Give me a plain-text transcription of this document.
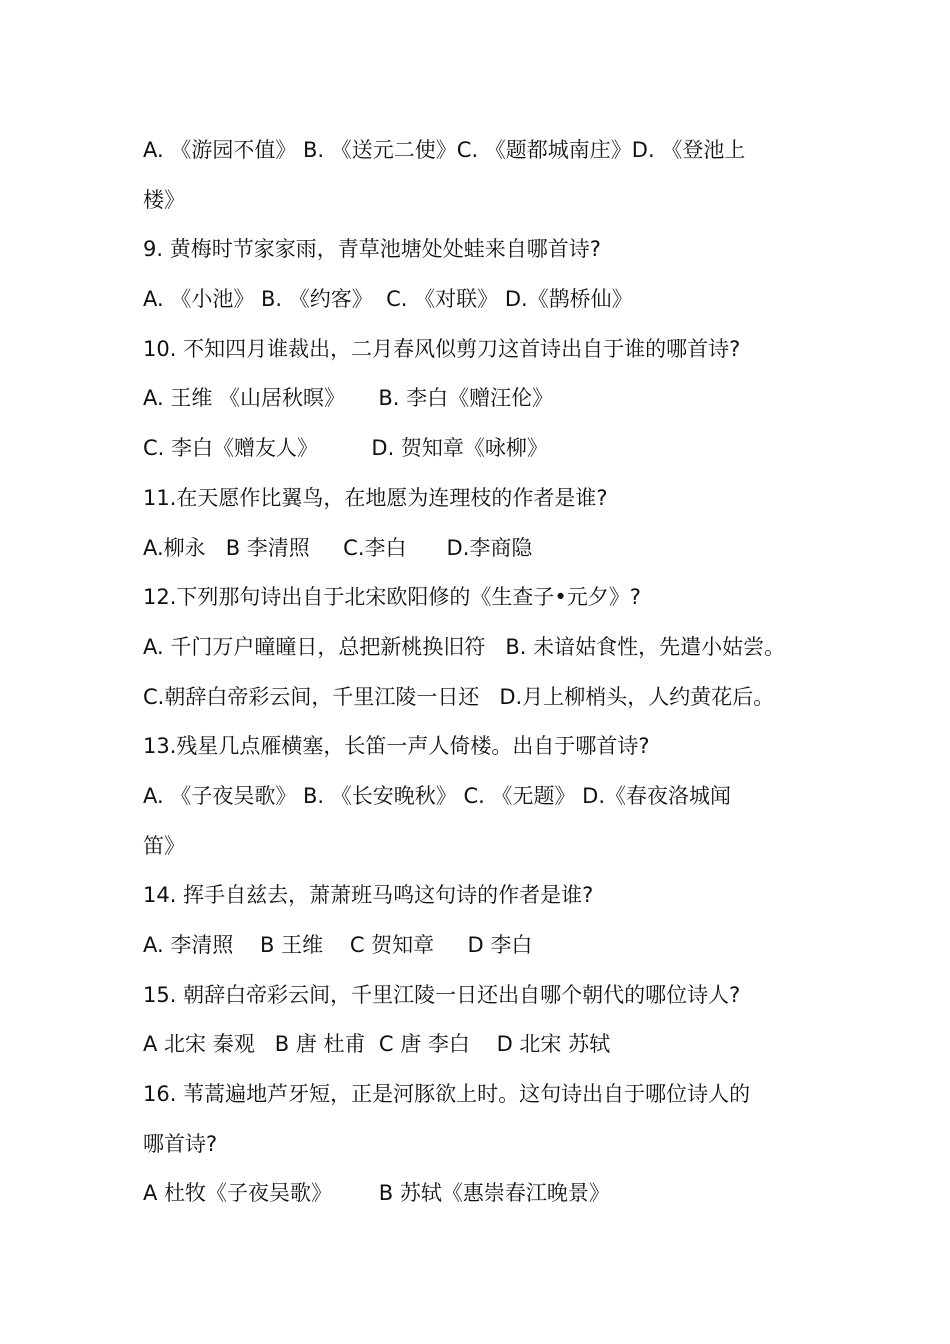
A. 《游园不值》 B. 《送元二使》C. 《题都城南庄》D. 《登池上
楼》
9. 黄梅时节家家雨，青草池塘处处蛙来自哪首诗?
A. 《小池》 B. 《约客》  C. 《对联》 D.《鹊桥仙》
10. 不知四月谁裁出，二月春风似剪刀这首诗出自于谁的哪首诗?
A. 王维 《山居秋暝》     B. 李白《赠汪伦》
C. 李白《赠友人》        D. 贺知章《咏柳》
11.在天愿作比翼鸟，在地愿为连理枝的作者是谁?
A.柳永   B 李清照     C.李白      D.李商隐
12.下列那句诗出自于北宋欧阳修的《生查子•元夕》?
A. 千门万户曈曈日，总把新桃换旧符   B. 未谙姑食性，先遣小姑尝。
C.朝辞白帝彩云间，千里江陵一日还   D.月上柳梢头，人约黄花后。
13.残星几点雁横塞，长笛一声人倚楼。出自于哪首诗?
A. 《子夜吴歌》 B. 《长安晚秋》 C. 《无题》 D.《春夜洛城闻
笛》
14. 挥手自兹去，萧萧班马鸣这句诗的作者是谁?
A. 李清照    B 王维    C 贺知章     D 李白
15. 朝辞白帝彩云间，千里江陵一日还出自哪个朝代的哪位诗人?
A 北宋 秦观   B 唐 杜甫  C 唐 李白    D 北宋 苏轼
16. 苇蒿遍地芦牙短，正是河豚欲上时。这句诗出自于哪位诗人的
哪首诗?
A 杜牧《子夜吴歌》       B 苏轼《惠崇春江晚景》
